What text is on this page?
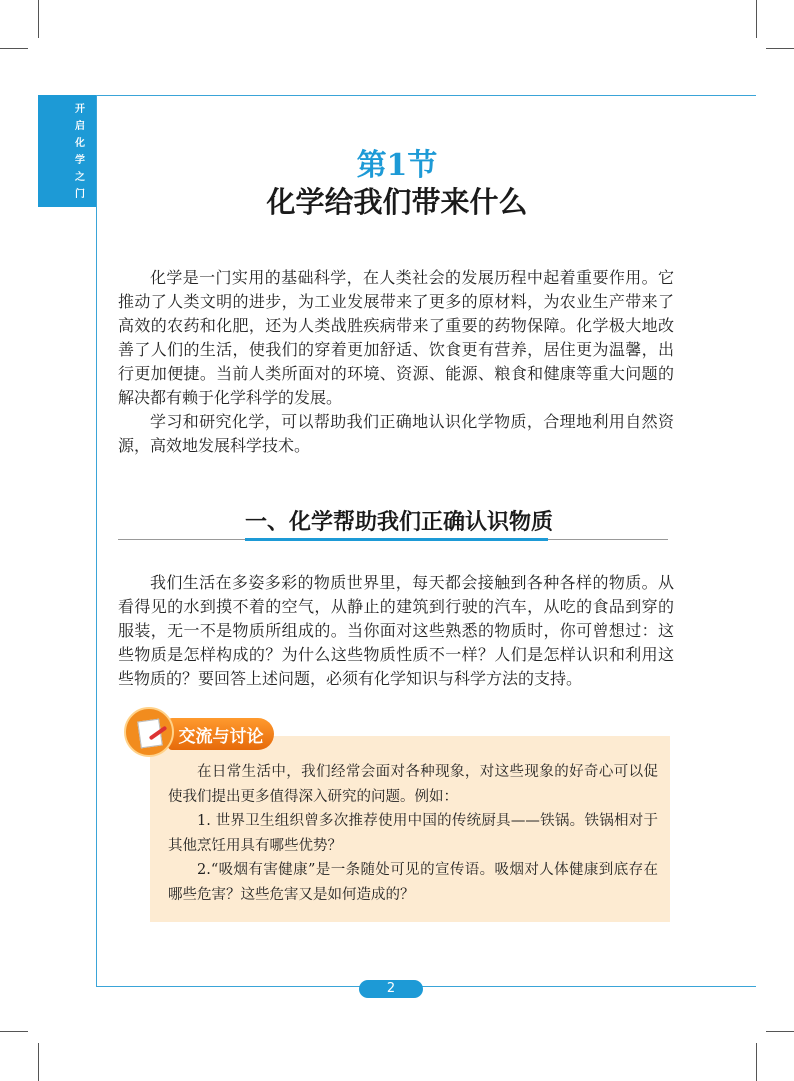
开
启
化
学
之
门
第1节
化学给我们带来什么

化学是一门实用的基础科学，在人类社会的发展历程中起着重要作用。它推动了人类文明的进步，为工业发展带来了更多的原材料，为农业生产带来了高效的农药和化肥，还为人类战胜疾病带来了重要的药物保障。化学极大地改善了人们的生活，使我们的穿着更加舒适、饮食更有营养，居住更为温馨，出行更加便捷。当前人类所面对的环境、资源、能源、粮食和健康等重大问题的解决都有赖于化学科学的发展。

学习和研究化学，可以帮助我们正确地认识化学物质，合理地利用自然资源，高效地发展科学技术。

一、化学帮助我们正确认识物质

我们生活在多姿多彩的物质世界里，每天都会接触到各种各样的物质。从看得见的水到摸不着的空气，从静止的建筑到行驶的汽车，从吃的食品到穿的服装，无一不是物质所组成的。当你面对这些熟悉的物质时，你可曾想过：这些物质是怎样构成的？为什么这些物质性质不一样？人们是怎样认识和利用这些物质的？要回答上述问题，必须有化学知识与科学方法的支持。

在日常生活中，我们经常会面对各种现象，对这些现象的好奇心可以促使我们提出更多值得深入研究的问题。例如：

1. 世界卫生组织曾多次推荐使用中国的传统厨具——铁锅。铁锅相对于其他烹饪用具有哪些优势？

2.“吸烟有害健康”是一条随处可见的宣传语。吸烟对人体健康到底存在哪些危害？这些危害又是如何造成的？

交流与讨论
2
